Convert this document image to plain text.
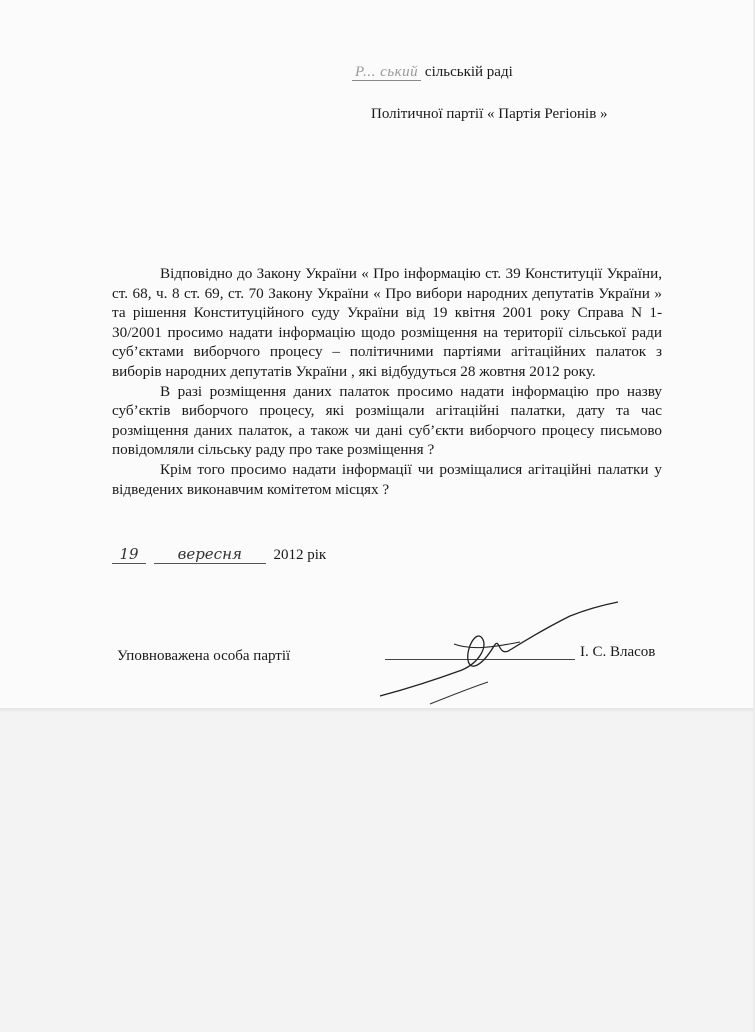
Р... ський сільській раді
Політичної партії « Партія Регіонів »

Відповідно до Закону України « Про інформацію ст. 39 Конституції України, ст. 68, ч. 8 ст. 69, ст. 70 Закону України « Про вибори народних депутатів України » та рішення Конституційного суду України від 19 квітня 2001 року Справа N 1-30/2001 просимо надати інформацію щодо розміщення на території сільської ради суб’єктами виборчого процесу – політичними партіями агітаційних палаток з виборів народних депутатів України , які відбудуться 28 жовтня 2012 року.

В разі розміщення даних палаток просимо надати інформацію про назву суб’єктів виборчого процесу, які розміщали агітаційні палатки, дату та час розміщення даних палаток, а також чи дані суб’єкти виборчого процесу письмово повідомляли сільську раду про таке розміщення ?

Крім того просимо надати інформації чи розміщалися агітаційні палатки у відведених виконавчим комітетом місцях ?

19	вересня 2012 рік
Уповноважена особа партії	І. С. Власов
